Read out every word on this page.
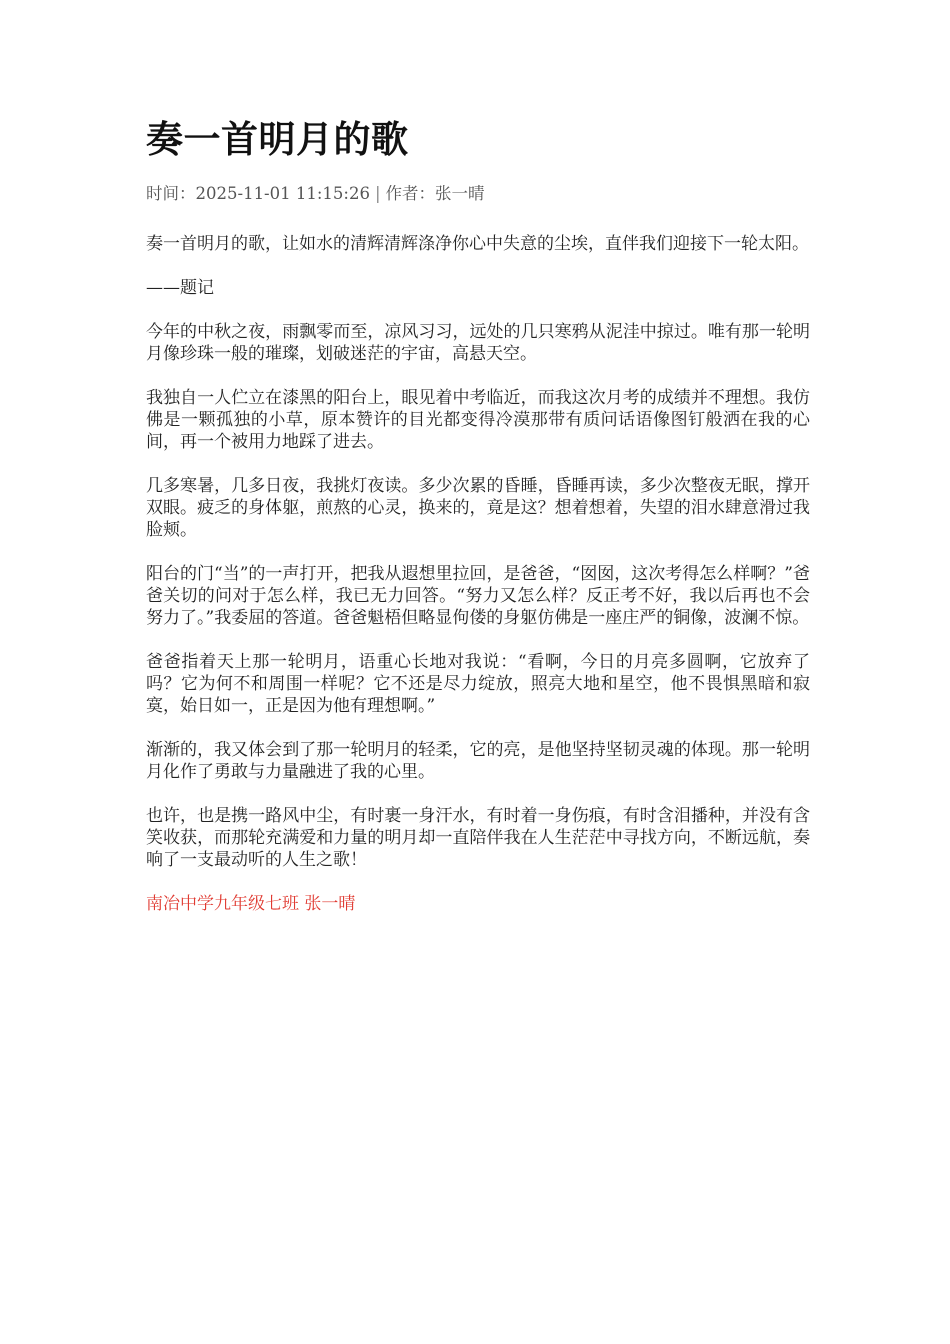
奏一首明月的歌
时间：2025-11-01 11:15:26 | 作者：张一晴

奏一首明月的歌，让如水的清辉清辉涤净你心中失意的尘埃，直伴我们迎接下一轮太阳。

——题记

今年的中秋之夜，雨飘零而至，凉风习习，远处的几只寒鸦从泥洼中掠过。唯有那一轮明月像珍珠一般的璀璨，划破迷茫的宇宙，高悬天空。

我独自一人伫立在漆黑的阳台上，眼见着中考临近，而我这次月考的成绩并不理想。我仿佛是一颗孤独的小草，原本赞许的目光都变得冷漠那带有质问话语像图钉般洒在我的心间，再一个被用力地踩了进去。

几多寒暑，几多日夜，我挑灯夜读。多少次累的昏睡，昏睡再读，多少次整夜无眠，撑开双眼。疲乏的身体躯，煎熬的心灵，换来的，竟是这？想着想着，失望的泪水肆意滑过我脸颊。

阳台的门“当”的一声打开，把我从遐想里拉回，是爸爸，“囡囡，这次考得怎么样啊？”爸爸关切的问对于怎么样，我已无力回答。“努力又怎么样？反正考不好，我以后再也不会努力了。”我委屈的答道。爸爸魁梧但略显佝偻的身躯仿佛是一座庄严的铜像，波澜不惊。

爸爸指着天上那一轮明月，语重心长地对我说：“看啊，今日的月亮多圆啊，它放弃了吗？它为何不和周围一样呢？它不还是尽力绽放，照亮大地和星空，他不畏惧黑暗和寂寞，始日如一，正是因为他有理想啊。”

渐渐的，我又体会到了那一轮明月的轻柔，它的亮，是他坚持坚韧灵魂的体现。那一轮明月化作了勇敢与力量融进了我的心里。

也许，也是携一路风中尘，有时裹一身汗水，有时着一身伤痕，有时含泪播种，并没有含笑收获，而那轮充满爱和力量的明月却一直陪伴我在人生茫茫中寻找方向，不断远航，奏响了一支最动听的人生之歌！

南冶中学九年级七班 张一晴
